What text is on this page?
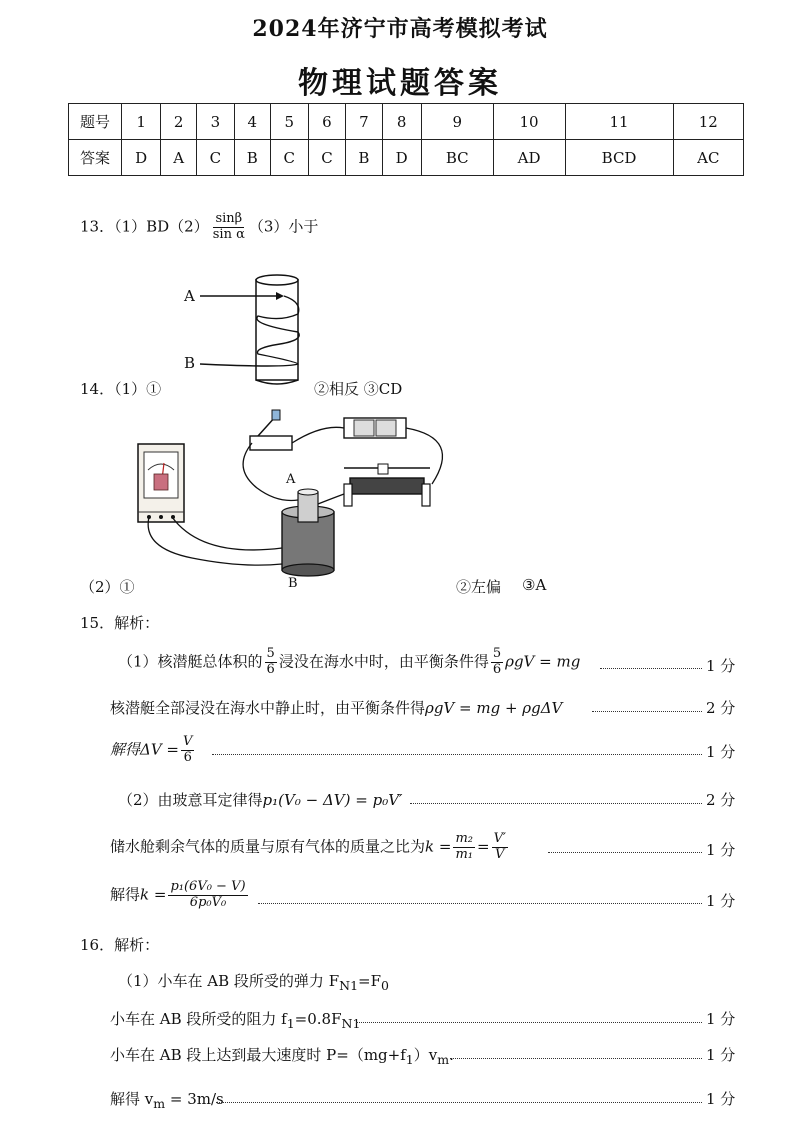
2024年济宁市高考模拟考试
物理试题答案
题号	1	2	3	4	5	6	7	8	9	10	11	12
答案	D	A	C	B	C	C	B	D	BC	AD	BCD	AC
13．$(1)BD(2) \frac{\sin\beta}{\text{sin α}} (3)$小于
A
B
14．（1）①	②相反 ③CD
A
B
（2）①	②左偏 ③A
15．解析：
（1）核潜艇总体积的 $\frac{5}{6}$ 浸没在海水中时，由平衡条件得 $\frac{5}{6}$ ρgV = mg	1 分
核潜艇全部浸没在海水中静止时，由平衡条件得ρgV = mg + ρgΔV	2 分
解得$\Delta V = \frac{V}{6}$	1 分
（2）由玻意耳定律得p₁(V₀ − ΔV) = p₀V′	2 分
储水舱剩余气体的质量与原有气体的质量之比为$k = \frac{\text{m₂}}{\text{m₁}} = \frac{V'}{V}$	1 分
解得$k = \frac{\text{p₁(6V₀ − V)}}{\text{6p₀V₀}}$	1 分
16．解析：
（1）小车在 AB 段所受的弹力 $F_{N1}=F_0$
小车在 AB 段所受的阻力 $f_1=0.8F_{N1}$	1 分
小车在 AB 段上达到最大速度时 $P=(mg+f_1)v_m$.	1 分
解得 $v_m = 3m/s$	1 分
